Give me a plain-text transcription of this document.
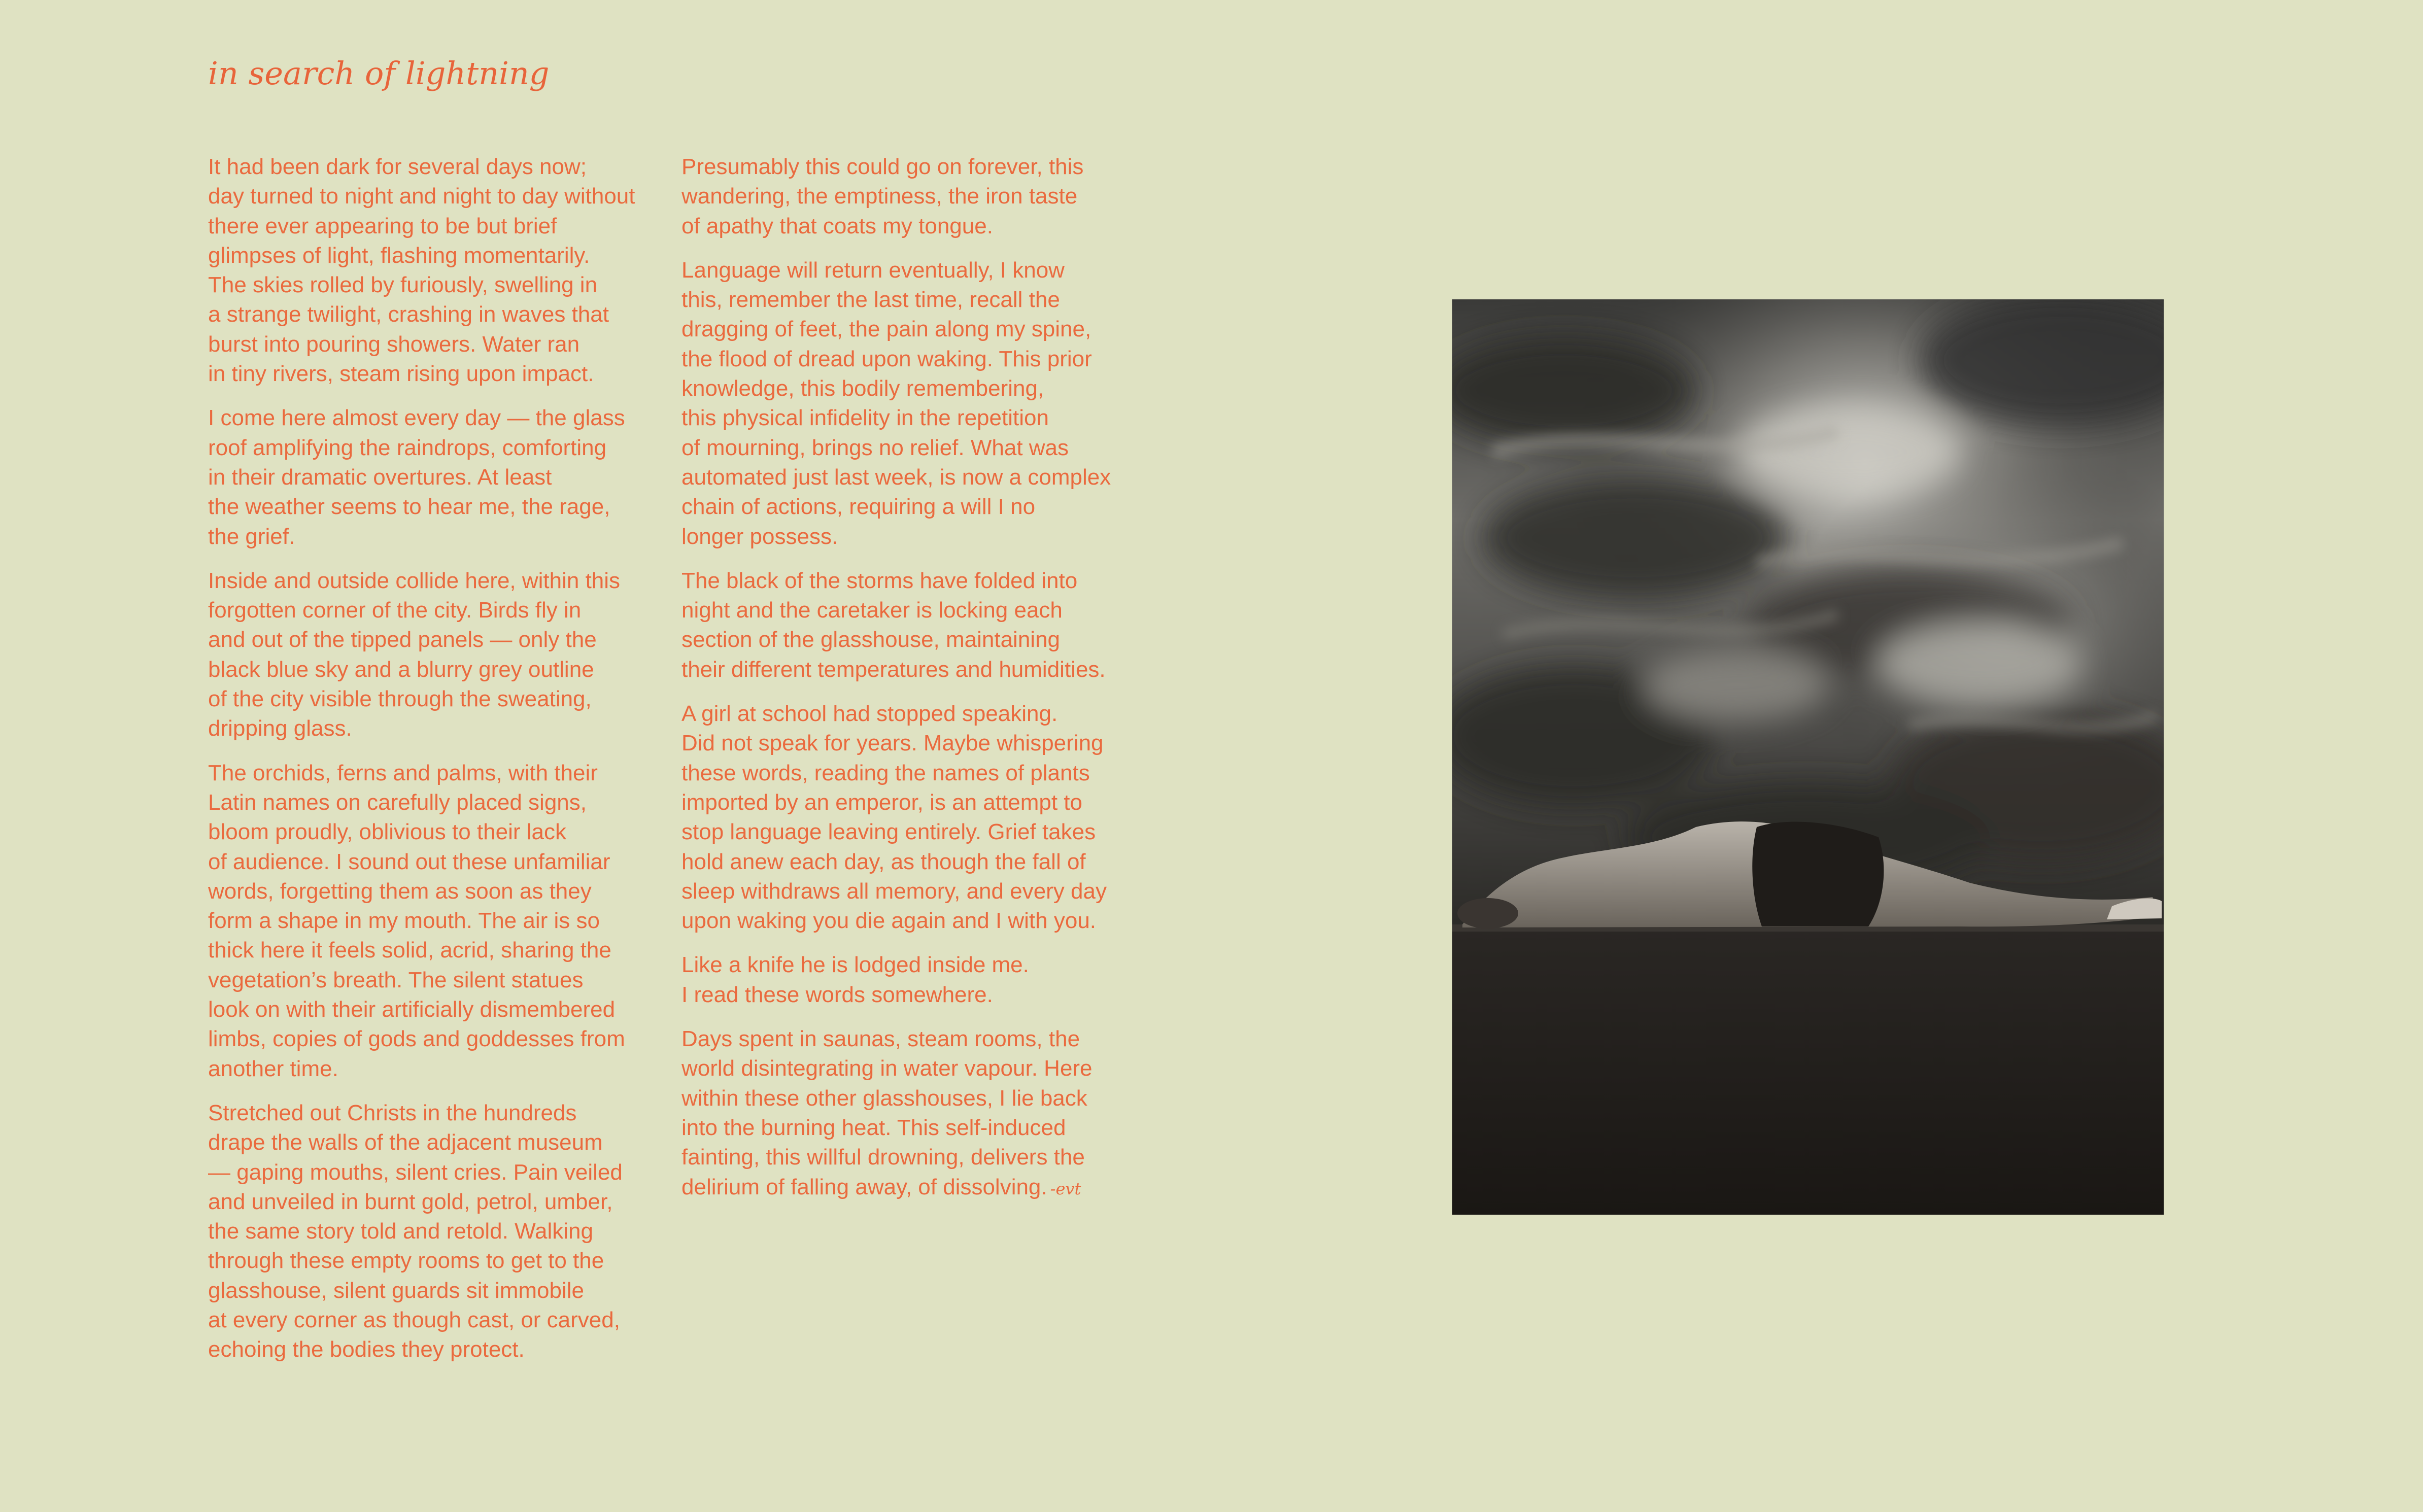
in search of lightning

It had been dark for several days now;
day turned to night and night to day without
there ever appearing to be but brief
glimpses of light, flashing momentarily.
The skies rolled by furiously, swelling in
a strange twilight, crashing in waves that
burst into pouring showers. Water ran
in tiny rivers, steam rising upon impact.

I come here almost every day — the glass
roof amplifying the raindrops, comforting
in their dramatic overtures. At least
the weather seems to hear me, the rage,
the grief.

Inside and outside collide here, within this
forgotten corner of the city. Birds fly in
and out of the tipped panels — only the
black blue sky and a blurry grey outline
of the city visible through the sweating,
dripping glass.

The orchids, ferns and palms, with their
Latin names on carefully placed signs,
bloom proudly, oblivious to their lack
of audience. I sound out these unfamiliar
words, forgetting them as soon as they
form a shape in my mouth. The air is so
thick here it feels solid, acrid, sharing the
vegetation’s breath. The silent statues
look on with their artificially dismembered
limbs, copies of gods and goddesses from
another time.

Stretched out Christs in the hundreds
drape the walls of the adjacent museum
— gaping mouths, silent cries. Pain veiled
and unveiled in burnt gold, petrol, umber,
the same story told and retold. Walking
through these empty rooms to get to the
glasshouse, silent guards sit immobile
at every corner as though cast, or carved,
echoing the bodies they protect.

Presumably this could go on forever, this
wandering, the emptiness, the iron taste
of apathy that coats my tongue.

Language will return eventually, I know
this, remember the last time, recall the
dragging of feet, the pain along my spine,
the flood of dread upon waking. This prior
knowledge, this bodily remembering,
this physical infidelity in the repetition
of mourning, brings no relief. What was
automated just last week, is now a complex
chain of actions, requiring a will I no
longer possess.

The black of the storms have folded into
night and the caretaker is locking each
section of the glasshouse, maintaining
their different temperatures and humidities.

A girl at school had stopped speaking.
Did not speak for years. Maybe whispering
these words, reading the names of plants
imported by an emperor, is an attempt to
stop language leaving entirely. Grief takes
hold anew each day, as though the fall of
sleep withdraws all memory, and every day
upon waking you die again and I with you.

Like a knife he is lodged inside me.
I read these words somewhere.

Days spent in saunas, steam rooms, the
world disintegrating in water vapour. Here
within these other glasshouses, I lie back
into the burning heat. This self-induced
fainting, this willful drowning, delivers the
delirium of falling away, of dissolving. -evt
